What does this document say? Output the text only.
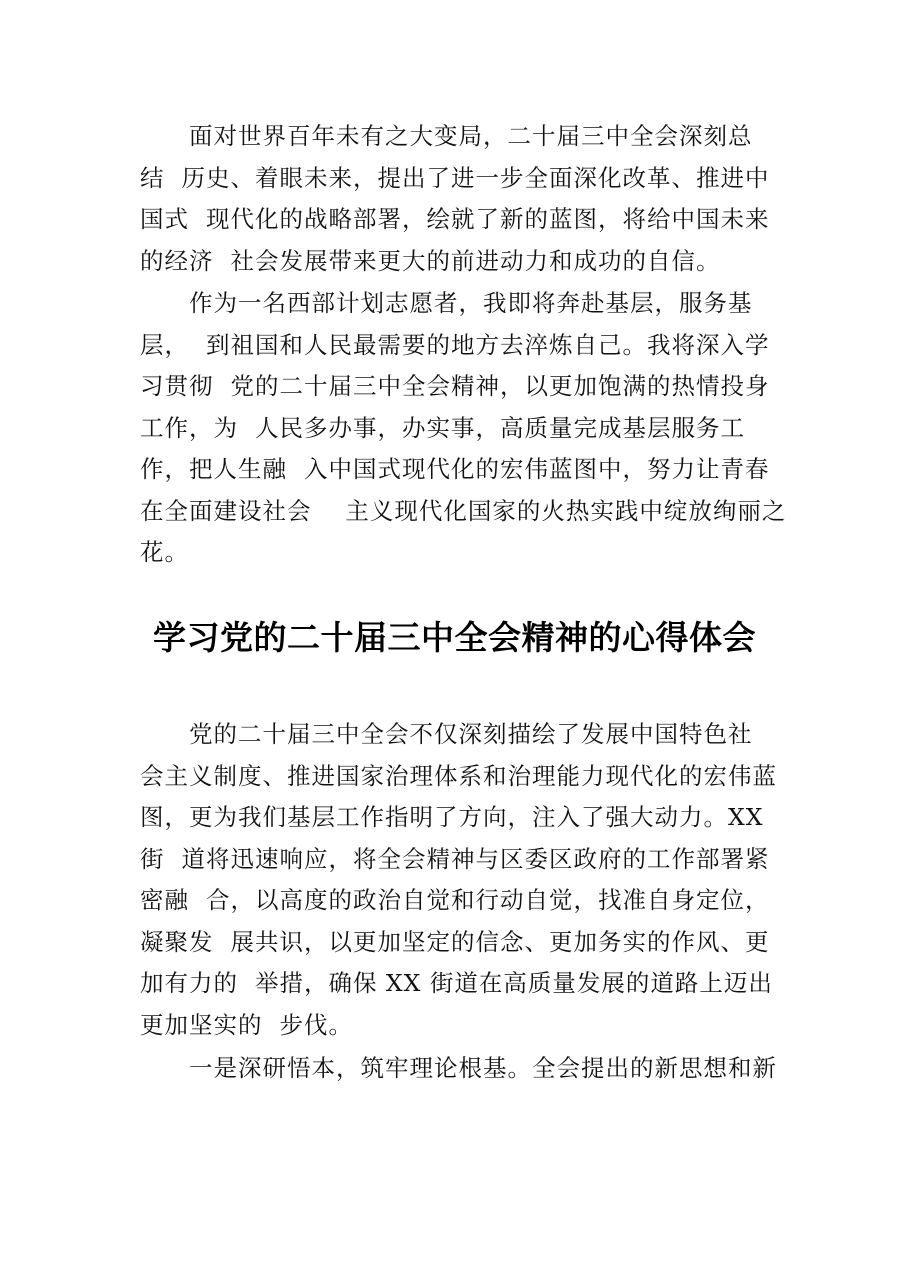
　　面对世界百年未有之大变局，二十届三中全会深刻总
结  历史、着眼未来，提出了进一步全面深化改革、推进中
国式  现代化的战略部署，绘就了新的蓝图，将给中国未来
的经济  社会发展带来更大的前进动力和成功的自信。
　　作为一名西部计划志愿者，我即将奔赴基层，服务基
层，  到祖国和人民最需要的地方去淬炼自己。我将深入学
习贯彻  党的二十届三中全会精神，以更加饱满的热情投身
工作，为  人民多办事，办实事，高质量完成基层服务工
作，把人生融  入中国式现代化的宏伟蓝图中，努力让青春
在全面建设社会    主义现代化国家的火热实践中绽放绚丽之
花。
学习党的二十届三中全会精神的心得体会
　　党的二十届三中全会不仅深刻描绘了发展中国特色社
会主义制度、推进国家治理体系和治理能力现代化的宏伟蓝
图，更为我们基层工作指明了方向，注入了强大动力。XX
街  道将迅速响应，将全会精神与区委区政府的工作部署紧
密融  合，以高度的政治自觉和行动自觉，找准自身定位，
凝聚发  展共识，以更加坚定的信念、更加务实的作风、更
加有力的  举措，确保 XX 街道在高质量发展的道路上迈出
更加坚实的  步伐。
　　一是深研悟本，筑牢理论根基。全会提出的新思想和新
